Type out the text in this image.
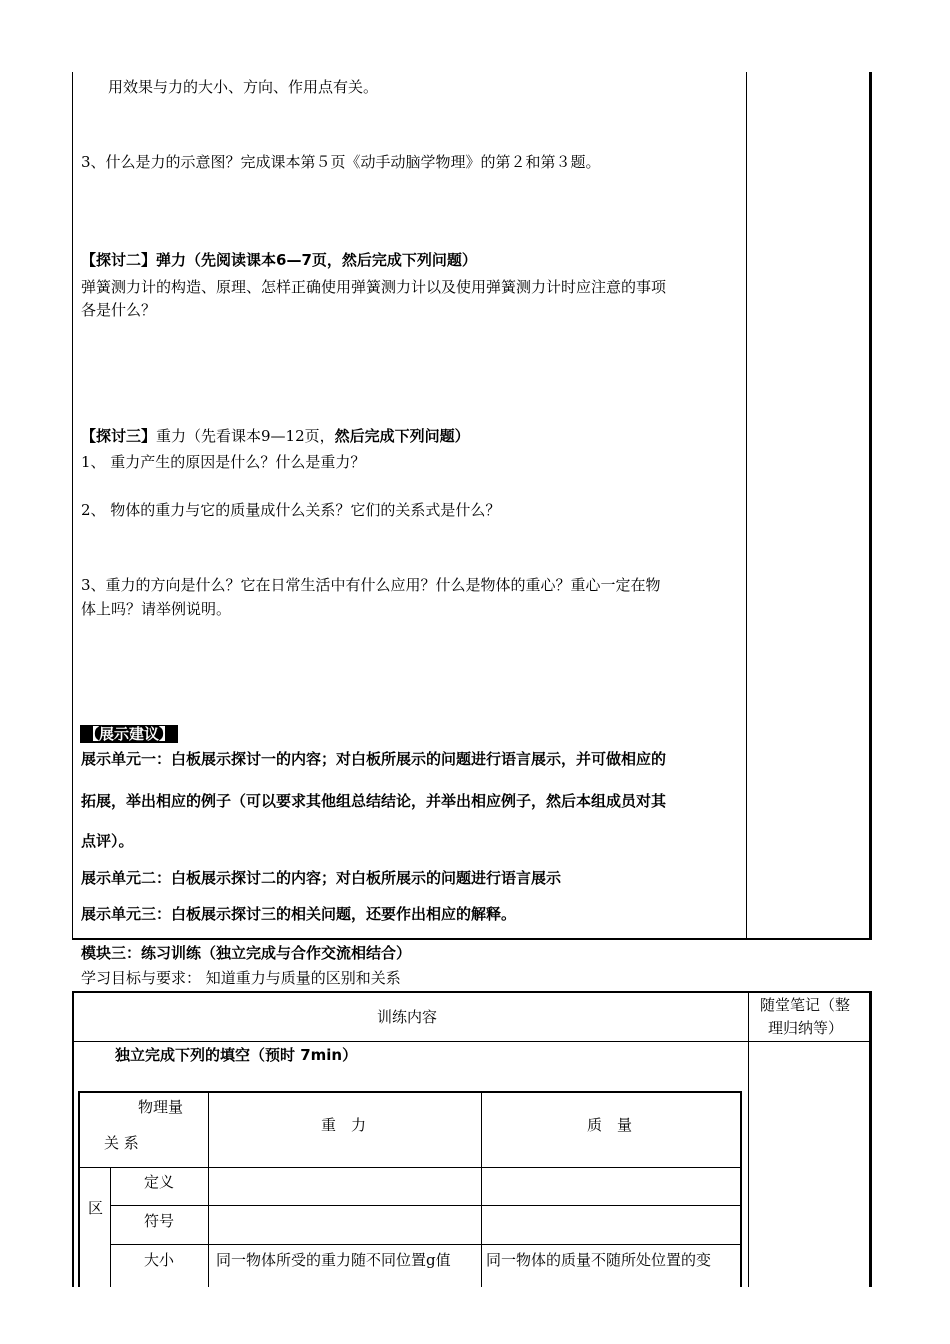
用效果与力的大小、方向、作用点有关。
3、什么是力的示意图？完成课本第５页《动手动脑学物理》的第２和第３题。
【探讨二】弹力（先阅读课本6—7页，然后完成下列问题）
弹簧测力计的构造、原理、怎样正确使用弹簧测力计以及使用弹簧测力计时应注意的事项
各是什么？
【探讨三】重力（先看课本9—12页，然后完成下列问题）
1、 重力产生的原因是什么？什么是重力？
2、 物体的重力与它的质量成什么关系？它们的关系式是什么？
3、重力的方向是什么？它在日常生活中有什么应用？什么是物体的重心？重心一定在物
体上吗？请举例说明。
【展示建议】
展示单元一：白板展示探讨一的内容；对白板所展示的问题进行语言展示，并可做相应的
拓展，举出相应的例子（可以要求其他组总结结论，并举出相应例子，然后本组成员对其
点评）。
展示单元二：白板展示探讨二的内容；对白板所展示的问题进行语言展示
展示单元三：白板展示探讨三的相关问题，还要作出相应的解释。
模块三：练习训练（独立完成与合作交流相结合）
学习目标与要求： 知道重力与质量的区别和关系
训练内容
随堂笔记（整
理归纳等）
独立完成下列的填空（预时 7min）
物理量
关 系
重　力	质　量
区
定义
符号
大小	同一物体所受的重力随不同位置g值 同一物体的质量不随所处位置的变
